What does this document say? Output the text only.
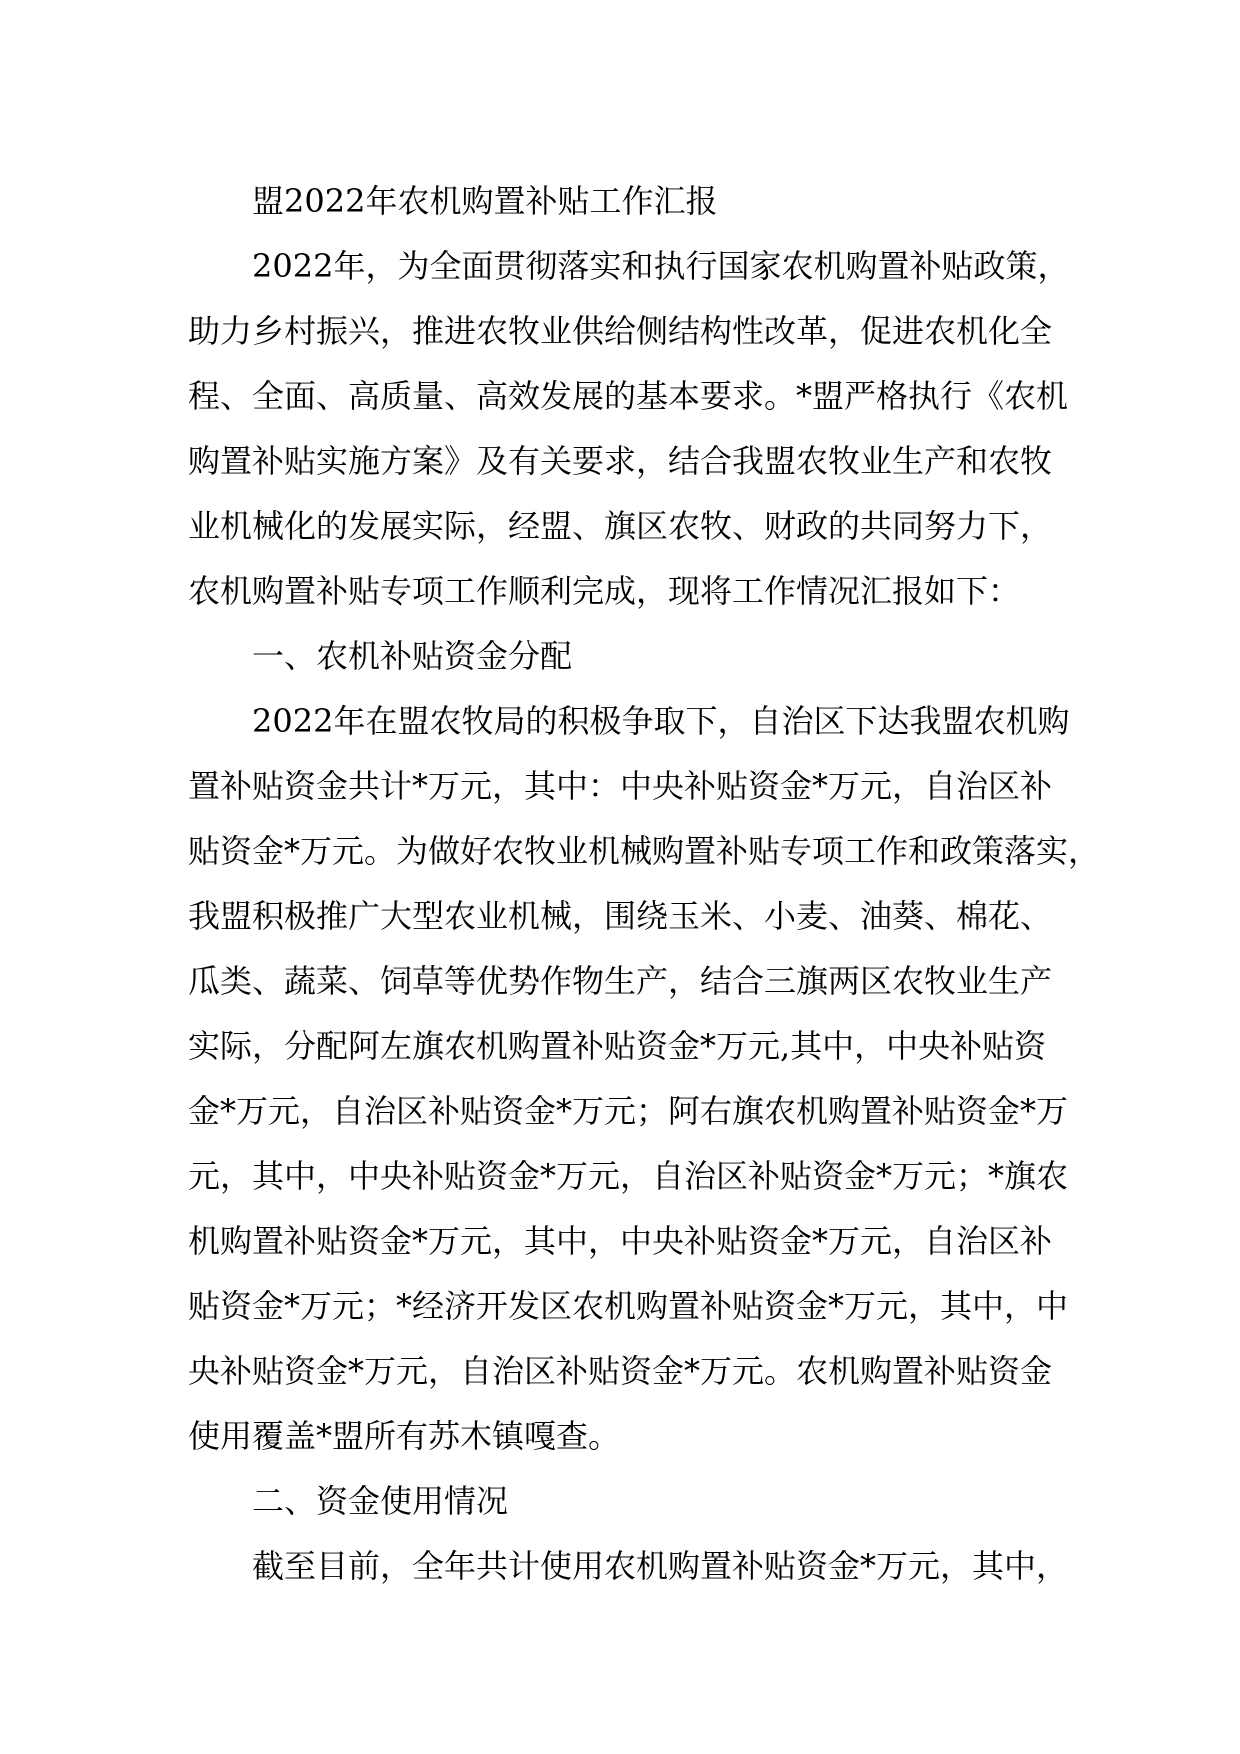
盟2022年农机购置补贴工作汇报
2022年，为全面贯彻落实和执行国家农机购置补贴政策，
助力乡村振兴，推进农牧业供给侧结构性改革，促进农机化全
程、全面、高质量、高效发展的基本要求。*盟严格执行《农机
购置补贴实施方案》及有关要求，结合我盟农牧业生产和农牧
业机械化的发展实际，经盟、旗区农牧、财政的共同努力下，
农机购置补贴专项工作顺利完成，现将工作情况汇报如下：
一、农机补贴资金分配
2022年在盟农牧局的积极争取下，自治区下达我盟农机购
置补贴资金共计*万元，其中：中央补贴资金*万元，自治区补
贴资金*万元。为做好农牧业机械购置补贴专项工作和政策落实，
我盟积极推广大型农业机械，围绕玉米、小麦、油葵、棉花、
瓜类、蔬菜、饲草等优势作物生产，结合三旗两区农牧业生产
实际，分配阿左旗农机购置补贴资金*万元,其中，中央补贴资
金*万元，自治区补贴资金*万元；阿右旗农机购置补贴资金*万
元，其中，中央补贴资金*万元，自治区补贴资金*万元；*旗农
机购置补贴资金*万元，其中，中央补贴资金*万元，自治区补
贴资金*万元；*经济开发区农机购置补贴资金*万元，其中，中
央补贴资金*万元，自治区补贴资金*万元。农机购置补贴资金
使用覆盖*盟所有苏木镇嘎查。
二、资金使用情况
截至目前，全年共计使用农机购置补贴资金*万元，其中，
